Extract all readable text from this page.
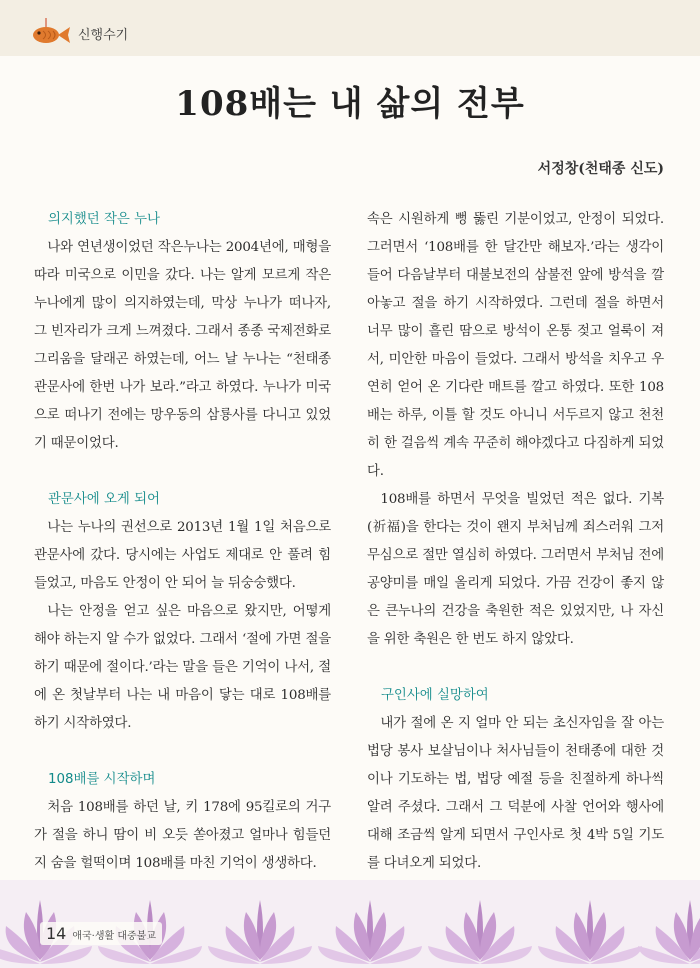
신행수기
108배는 내 삶의 전부
서정창(천태종 신도)
의지했던 작은 누나

나와 연년생이었던 작은누나는 2004년에, 매형을 따라 미국으로 이민을 갔다. 나는 알게 모르게 작은누나에게 많이 의지하였는데, 막상 누나가 떠나자, 그 빈자리가 크게 느껴졌다. 그래서 종종 국제전화로 그리움을 달래곤 하였는데, 어느 날 누나는 “천태종 관문사에 한번 나가 보라.”라고 하였다. 누나가 미국으로 떠나기 전에는 망우동의 삼룡사를 다니고 있었기 때문이었다.

관문사에 오게 되어

나는 누나의 권선으로 2013년 1월 1일 처음으로 관문사에 갔다. 당시에는 사업도 제대로 안 풀려 힘들었고, 마음도 안정이 안 되어 늘 뒤숭숭했다.

나는 안정을 얻고 싶은 마음으로 왔지만, 어떻게 해야 하는지 알 수가 없었다. 그래서 ‘절에 가면 절을 하기 때문에 절이다.’라는 말을 들은 기억이 나서, 절에 온 첫날부터 나는 내 마음이 닿는 대로 108배를 하기 시작하였다.

108배를 시작하며

처음 108배를 하던 날, 키 178에 95킬로의 거구가 절을 하니 땀이 비 오듯 쏟아졌고 얼마나 힘들던지 숨을 헐떡이며 108배를 마친 기억이 생생하다.

속은 시원하게 뻥 뚫린 기분이었고, 안정이 되었다. 그러면서 ‘108배를 한 달간만 해보자.’라는 생각이 들어 다음날부터 대불보전의 삼불전 앞에 방석을 깔아놓고 절을 하기 시작하였다. 그런데 절을 하면서 너무 많이 흘린 땀으로 방석이 온통 젖고 얼룩이 져서, 미안한 마음이 들었다. 그래서 방석을 치우고 우연히 얻어 온 기다란 매트를 깔고 하였다. 또한 108배는 하루, 이틀 할 것도 아니니 서두르지 않고 천천히 한 걸음씩 계속 꾸준히 해야겠다고 다짐하게 되었다.

108배를 하면서 무엇을 빌었던 적은 없다. 기복(祈福)을 한다는 것이 왠지 부처님께 죄스러워 그저 무심으로 절만 열심히 하였다. 그러면서 부처님 전에 공양미를 매일 올리게 되었다. 가끔 건강이 좋지 않은 큰누나의 건강을 축원한 적은 있었지만, 나 자신을 위한 축원은 한 번도 하지 않았다.

구인사에 실망하여

내가 절에 온 지 얼마 안 되는 초신자임을 잘 아는 법당 봉사 보살님이나 처사님들이 천태종에 대한 것이나 기도하는 법, 법당 예절 등을 친절하게 하나씩 알려 주셨다. 그래서 그 덕분에 사찰 언어와 행사에 대해 조금씩 알게 되면서 구인사로 첫 4박 5일 기도를 다녀오게 되었다.

14 애국·생활 대중불교
